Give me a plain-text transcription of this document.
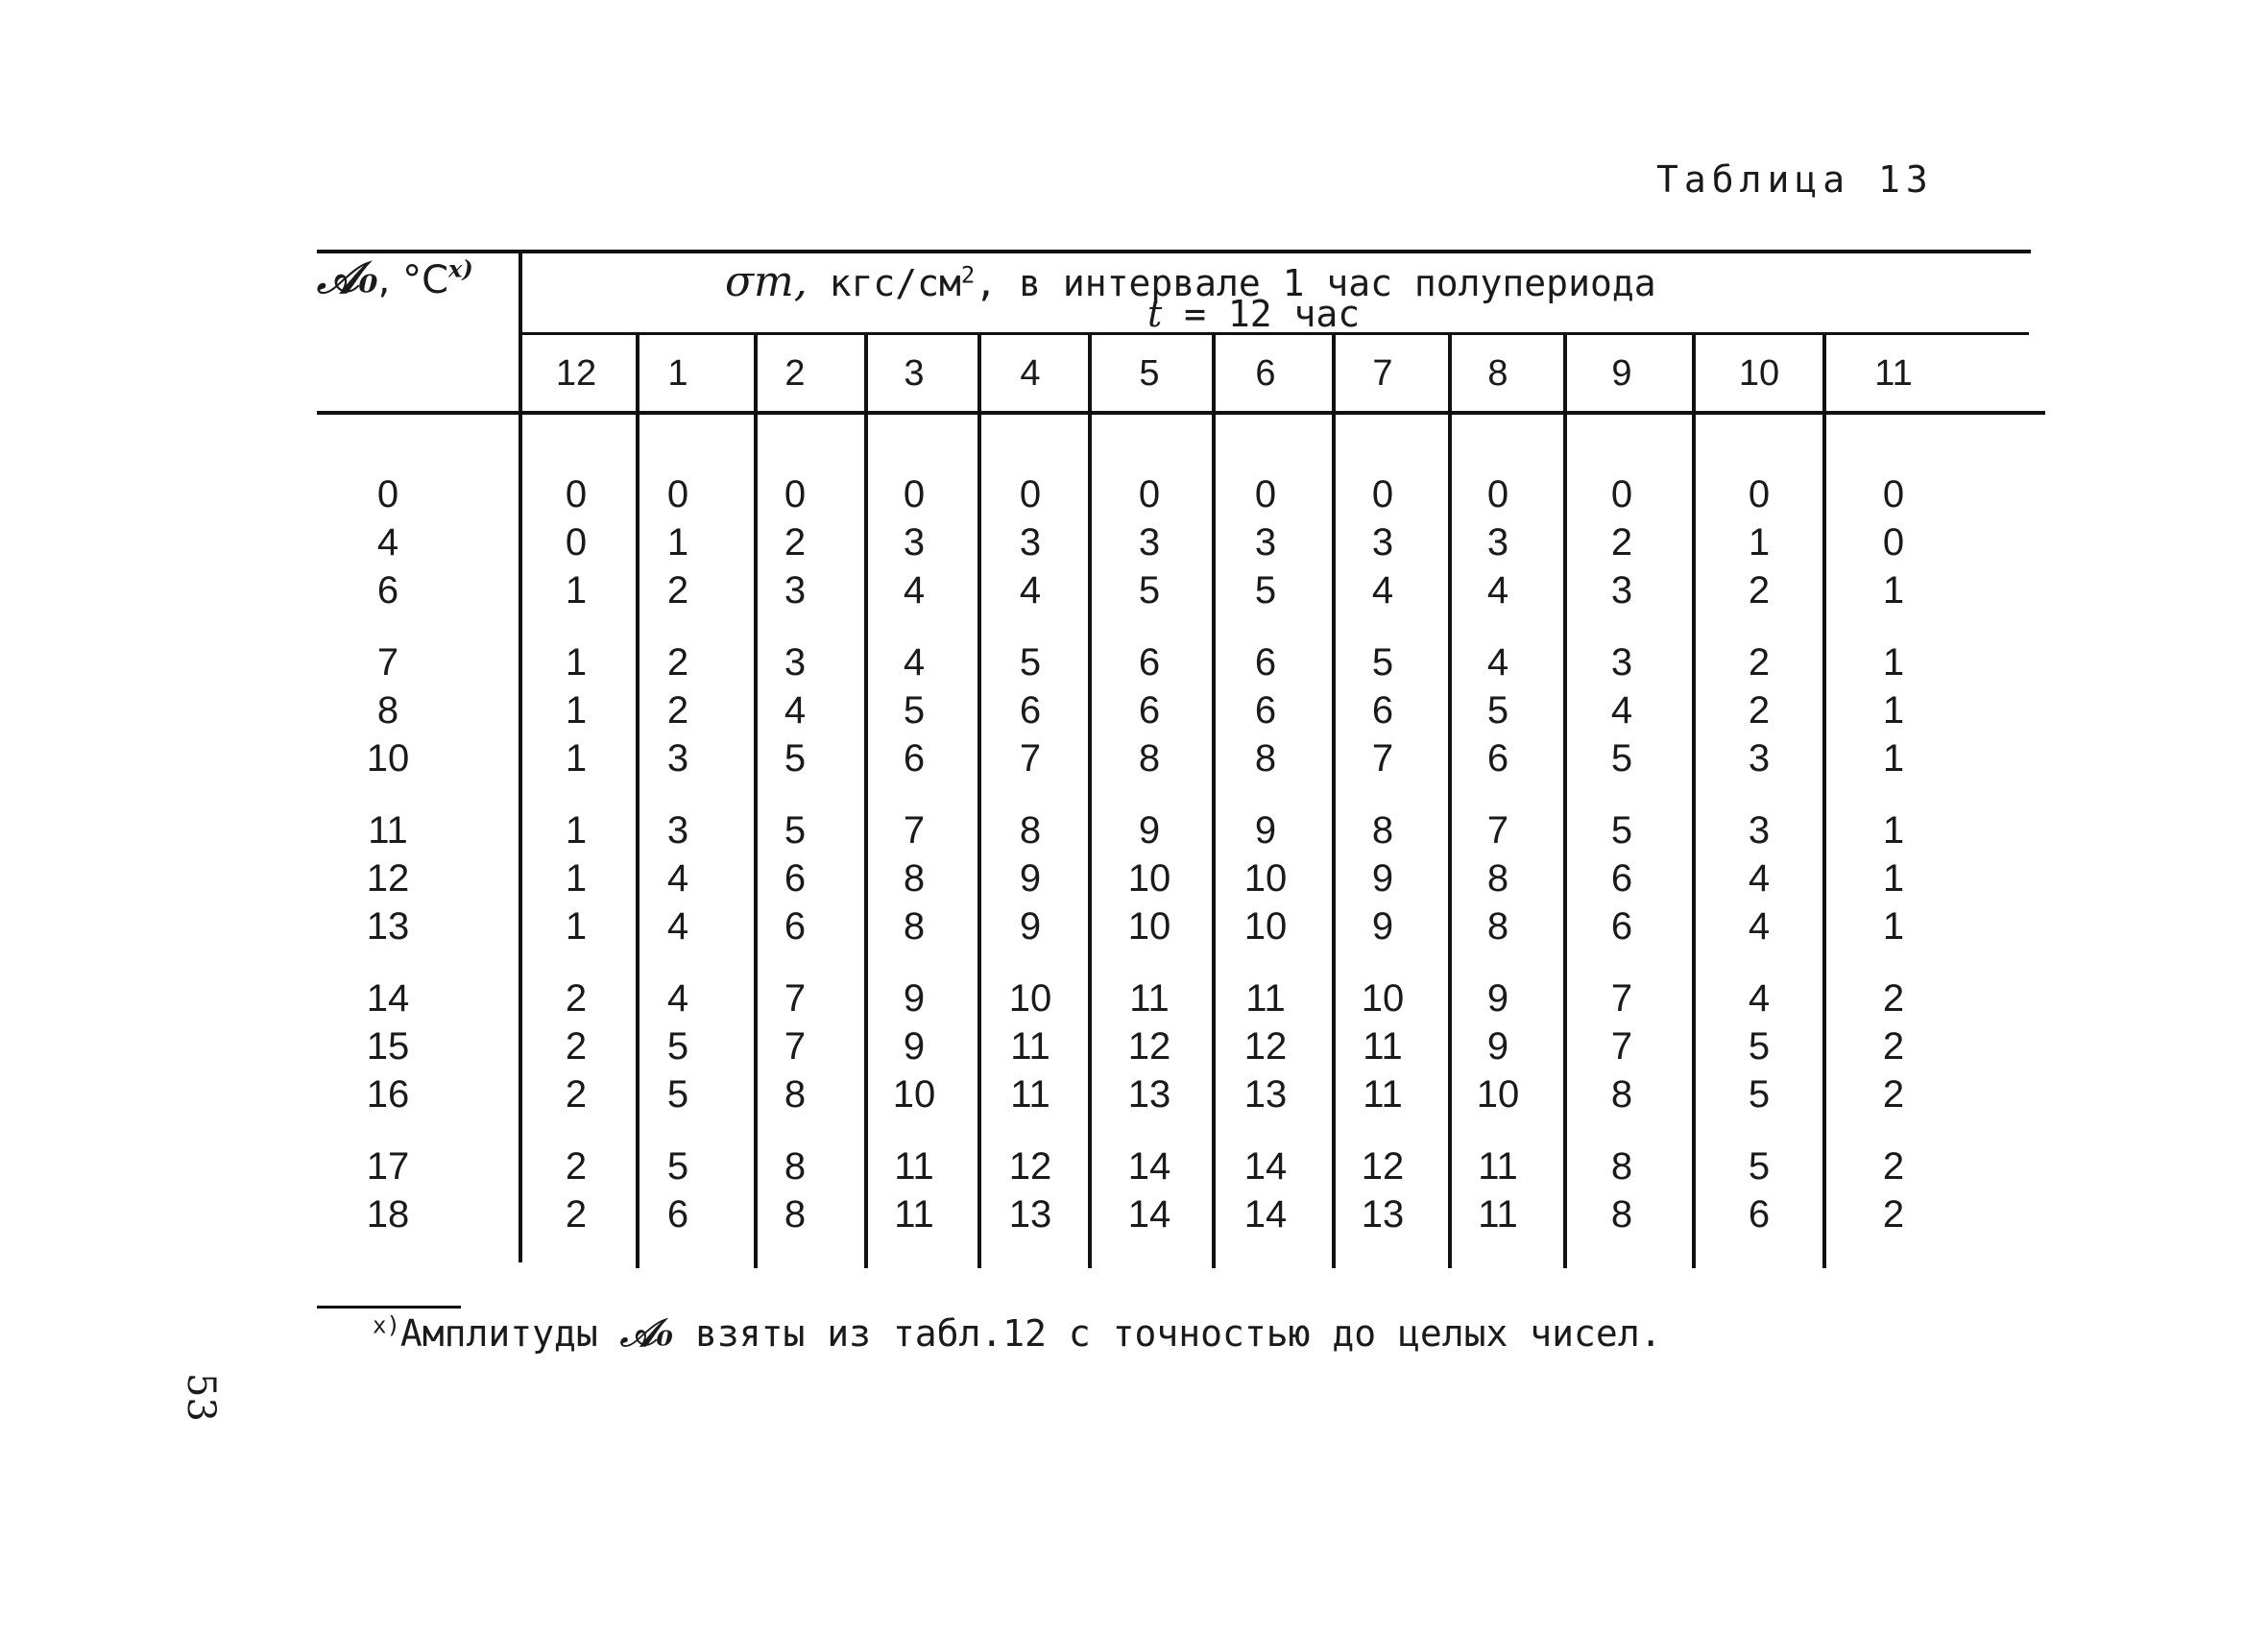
Таблица 13
𝒜₀, $^\circ C^{x)}$	σт, кгс/$см^2$, в интервале 1 час полупериода
t = 12 час
12	1	2	3	4	5	6	7	8	9	10	11
0	0	0	0	0	0	0	0	0	0	0	0	0
4	0	1	2	3	3	3	3	3	3	2	1	0
6	1	2	3	4	4	5	5	4	4	3	2	1
7	1	2	3	4	5	6	6	5	4	3	2	1
8	1	2	4	5	6	6	6	6	5	4	2	1
10	1	3	5	6	7	8	8	7	6	5	3	1
11	1	3	5	7	8	9	9	8	7	5	3	1
12	1	4	6	8	9	10	10	9	8	6	4	1
13	1	4	6	8	9	10	10	9	8	6	4	1
14	2	4	7	9	10	11	11	10	9	7	4	2
15	2	5	7	9	11	12	12	11	9	7	5	2
16	2	5	8	10	11	13	13	11	10	8	5	2
17	2	5	8	11	12	14	14	12	11	8	5	2
18	2	6	8	11	13	14	14	13	11	8	6	2
$^{x)}$Амплитуды 𝒜₀ взяты из табл.12 с точностью до целых чисел.
53
